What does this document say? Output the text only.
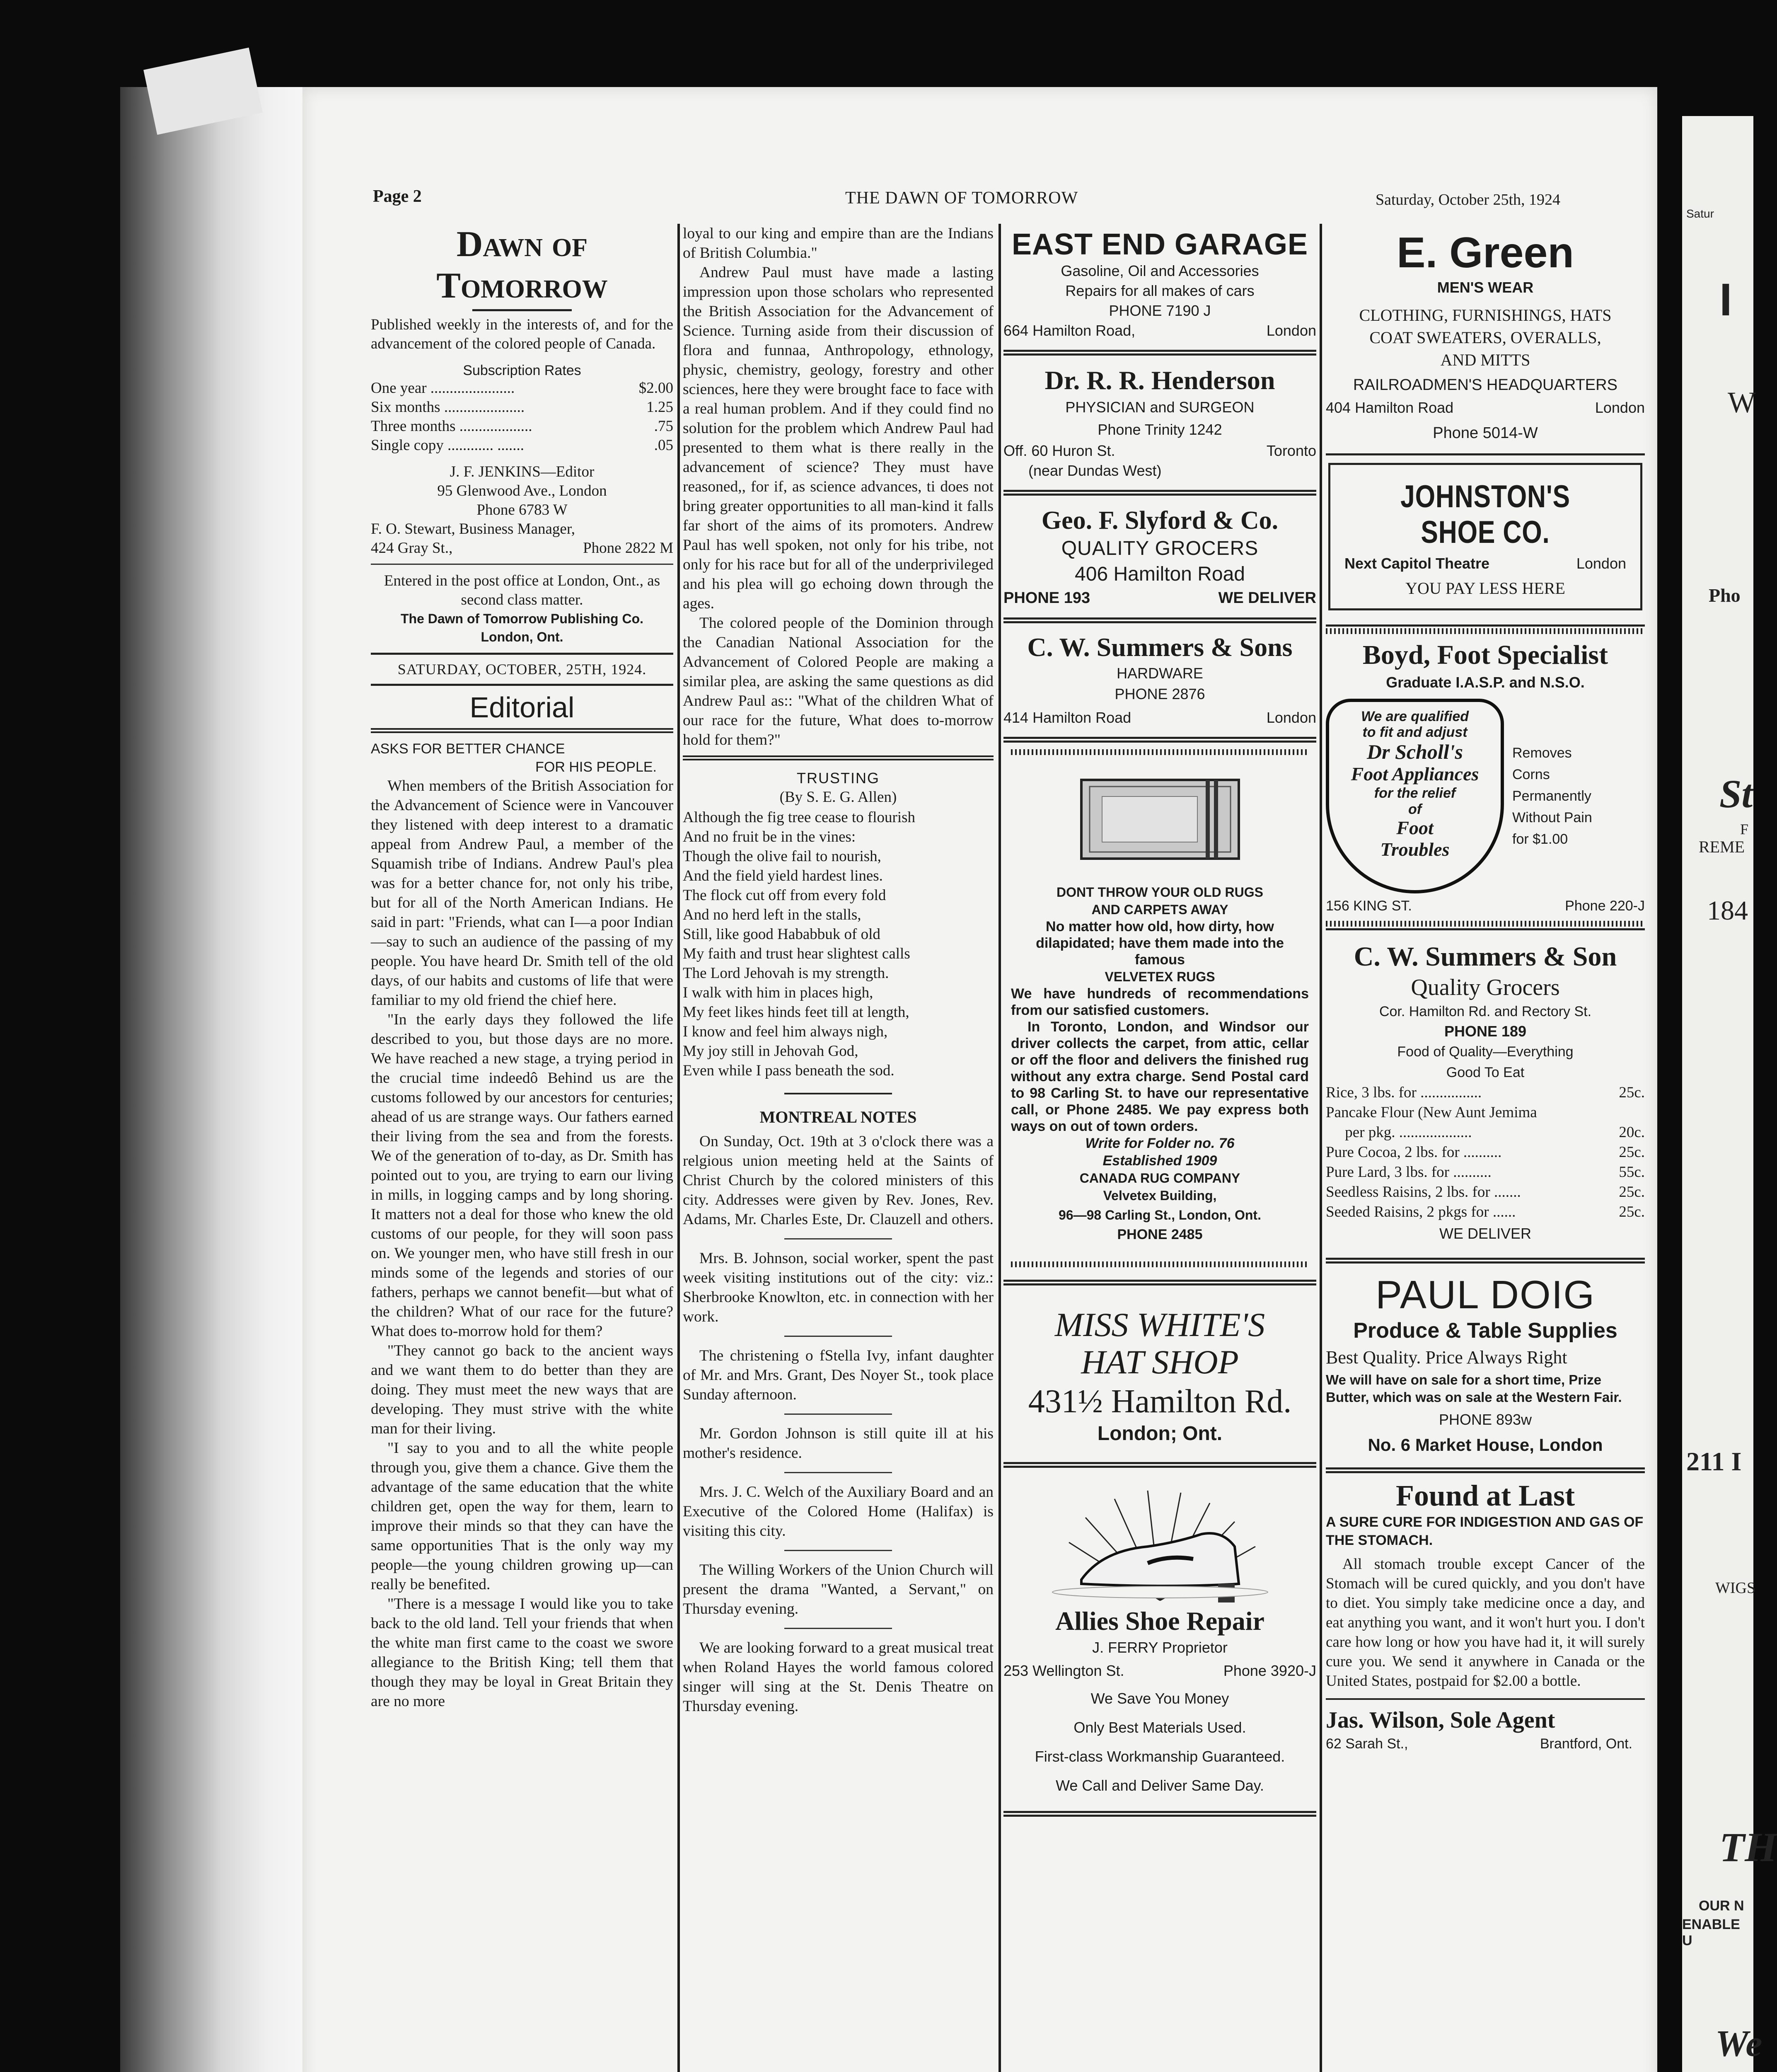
Satur
I
W
Pho
St
F
REME
184
211 I
WIGS
TH
OUR N
ENABLE U
We
Page 2	THE DAWN OF TOMORROW	Saturday, October 25th, 1924
Dawn of Tomorrow
Published weekly in the interests of, and for the advancement of the colored people of Canada.
Subscription Rates
One year ......................	$2.00
Six months .....................	1.25
Three months ...................	.75
Single copy ............ .......	.05
J. F. JENKINS—Editor
95 Glenwood Ave., London
Phone 6783 W
F. O. Stewart, Business Manager,
424 Gray St.,	Phone 2822 M
Entered in the post office at London, Ont., as second class matter.
The Dawn of Tomorrow Publishing Co.
London, Ont.
SATURDAY, OCTOBER, 25TH, 1924.
Editorial
ASKS FOR BETTER CHANCE
FOR HIS PEOPLE.
When members of the British Association for the Advancement of Science were in Vancouver they listened with deep interest to a dramatic appeal from Andrew Paul, a member of the Squamish tribe of Indians. Andrew Paul's plea was for a better chance for, not only his tribe, but for all of the North American Indians. He said in part: "Friends, what can I—a poor Indian—say to such an audience of the passing of my people. You have heard Dr. Smith tell of the old days, of our habits and customs of life that were familiar to my old friend the chief here.
"In the early days they followed the life described to you, but those days are no more. We have reached a new stage, a trying period in the crucial time indeedô Behind us are the customs followed by our ancestors for centuries; ahead of us are strange ways. Our fathers earned their living from the sea and from the forests. We of the generation of to-day, as Dr. Smith has pointed out to you, are trying to earn our living in mills, in logging camps and by long shoring. It matters not a deal for those who knew the old customs of our people, for they will soon pass on. We younger men, who have still fresh in our minds some of the legends and stories of our fathers, perhaps we cannot benefit—but what of the children? What of our race for the future? What does to-morrow hold for them?
"They cannot go back to the ancient ways and we want them to do better than they are doing. They must meet the new ways that are developing. They must strive with the white man for their living.
"I say to you and to all the white people through you, give them a chance. Give them the advantage of the same education that the white children get, open the way for them, learn to improve their minds so that they can have the same opportunities That is the only way my people—the young children growing up—can really be benefited.
"There is a message I would like you to take back to the old land. Tell your friends that when the white man first came to the coast we swore allegiance to the British King; tell them that though they may be loyal in Great Britain they are no more
loyal to our king and empire than are the Indians of British Columbia."
Andrew Paul must have made a lasting impression upon those scholars who represented the British Association for the Advancement of Science. Turning aside from their discussion of flora and funnaa, Anthropology, ethnology, physic, chemistry, geology, forestry and other sciences, here they were brought face to face with a real human problem. And if they could find no solution for the problem which Andrew Paul had presented to them what is there really in the advancement of science? They must have reasoned,, for if, as science advances, ti does not bring greater opportunities to all man-kind it falls far short of the aims of its promoters. Andrew Paul has well spoken, not only for his tribe, not only for his race but for all of the underprivileged and his plea will go echoing down through the ages.
The colored people of the Dominion through the Canadian National Association for the Advancement of Colored People are making a similar plea, are asking the same questions as did Andrew Paul as:: "What of the children What of our race for the future, What does to-morrow hold for them?"
TRUSTING
(By S. E. G. Allen)
Although the fig tree cease to flourish
And no fruit be in the vines:
Though the olive fail to nourish,
And the field yield hardest lines.
The flock cut off from every fold
And no herd left in the stalls,
Still, like good Hababbuk of old
My faith and trust hear slightest calls
The Lord Jehovah is my strength.
I walk with him in places high,
My feet likes hinds feet till at length,
I know and feel him always nigh,
My joy still in Jehovah God,
Even while I pass beneath the sod.
MONTREAL NOTES
On Sunday, Oct. 19th at 3 o'clock there was a relgious union meeting held at the Saints of Christ Church by the colored ministers of this city. Addresses were given by Rev. Jones, Rev. Adams, Mr. Charles Este, Dr. Clauzell and others.
Mrs. B. Johnson, social worker, spent the past week visiting institutions out of the city: viz.: Sherbrooke Knowlton, etc. in connection with her work.
The christening o fStella Ivy, infant daughter of Mr. and Mrs. Grant, Des Noyer St., took place Sunday afternoon.
Mr. Gordon Johnson is still quite ill at his mother's residence.
Mrs. J. C. Welch of the Auxiliary Board and an Executive of the Colored Home (Halifax) is visiting this city.
The Willing Workers of the Union Church will present the drama "Wanted, a Servant," on Thursday evening.
We are looking forward to a great musical treat when Roland Hayes the world famous colored singer will sing at the St. Denis Theatre on Thursday evening.
EAST END GARAGE
Gasoline, Oil and Accessories
Repairs for all makes of cars
PHONE 7190 J
664 Hamilton Road,	London
Dr. R. R. Henderson
PHYSICIAN and SURGEON
Phone Trinity 1242
Off. 60 Huron St.	Toronto
(near Dundas West)
Geo. F. Slyford & Co.
QUALITY GROCERS
406 Hamilton Road
PHONE 193	WE DELIVER
C. W. Summers & Sons
HARDWARE
PHONE 2876
414 Hamilton Road	London
DONT THROW YOUR OLD RUGS
AND CARPETS AWAY
No matter how old, how dirty, how dilapidated; have them made into the famous
VELVETEX RUGS
We have hundreds of recommendations from our satisfied customers.
In Toronto, London, and Windsor our driver collects the carpet, from attic, cellar or off the floor and delivers the finished rug without any extra charge. Send Postal card to 98 Carling St. to have our representative call, or Phone 2485. We pay express both ways on out of town orders.
Write for Folder no. 76
Established 1909
CANADA RUG COMPANY
Velvetex Building,
96—98 Carling St., London, Ont.
PHONE 2485
MISS WHITE'S
HAT SHOP
431½ Hamilton Rd.
London; Ont.
Allies Shoe Repair
J. FERRY Proprietor
253 Wellington St.	Phone 3920-J
We Save You Money
Only Best Materials Used.
First-class Workmanship Guaranteed.
We Call and Deliver Same Day.
E. Green
MEN'S WEAR
CLOTHING, FURNISHINGS, HATS
COAT SWEATERS, OVERALLS,
AND MITTS
RAILROADMEN'S HEADQUARTERS
404 Hamilton Road	London
Phone 5014-W
JOHNSTON'S SHOE CO.
Next Capitol Theatre	London
YOU PAY LESS HERE
Boyd, Foot Specialist
Graduate I.A.S.P. and N.S.O.
We are qualified
to fit and adjust
Dr Scholl's
Foot Appliances
for the relief
of
Foot Troubles
Removes
Corns
Permanently
Without Pain
for $1.00
156 KING ST.	Phone 220-J
C. W. Summers & Son
Quality Grocers
Cor. Hamilton Rd. and Rectory St.
PHONE 189
Food of Quality—Everything
Good To Eat
Rice, 3 lbs. for ................	25c.
Pancake Flour (New Aunt Jemima
per pkg. ...................	20c.
Pure Cocoa, 2 lbs. for ..........	25c.
Pure Lard, 3 lbs. for ..........	55c.
Seedless Raisins, 2 lbs. for .......	25c.
Seeded Raisins, 2 pkgs for ......	25c.
WE DELIVER
PAUL DOIG
Produce & Table Supplies
Best Quality. Price Always Right
We will have on sale for a short time, Prize Butter, which was on sale at the Western Fair.
PHONE 893w
No. 6 Market House, London
Found at Last
A SURE CURE FOR INDIGESTION AND GAS OF THE STOMACH.
All stomach trouble except Cancer of the Stomach will be cured quickly, and you don't have to diet. You simply take medicine once a day, and eat anything you want, and it won't hurt you. I don't care how long or how you have had it, it will surely cure you. We send it anywhere in Canada or the United States, postpaid for $2.00 a bottle.
Jas. Wilson, Sole Agent
62 Sarah St.,	Brantford, Ont.
